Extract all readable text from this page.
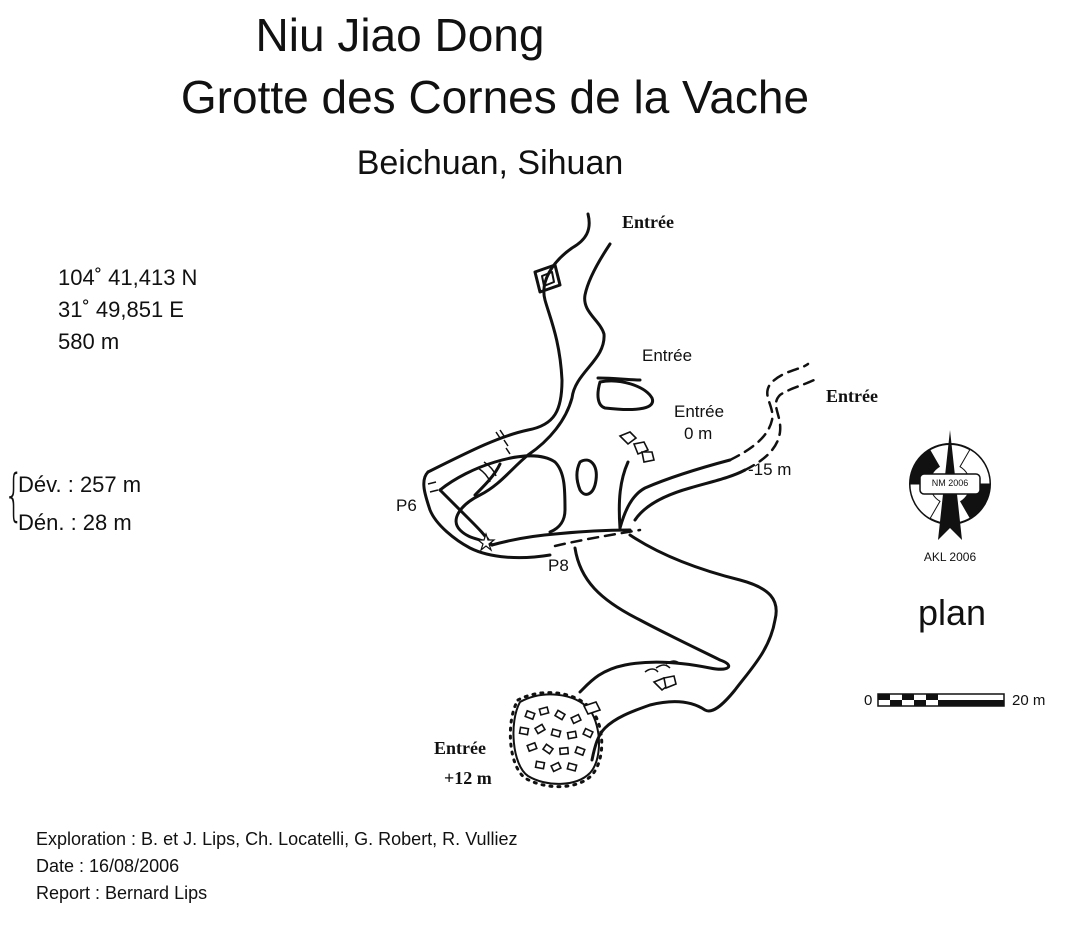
Niu Jiao Dong
Grotte des Cornes de la Vache
Beichuan, Sihuan
104˚ 41,413 N
31˚ 49,851 E
580 m
{
Dév. : 257 m
Dén. : 28 m
Entrée
Entrée
Entrée
0 m
Entrée
-15 m
P6
P8
Entrée
+12 m
NM 2006
AKL 2006
plan
0	20 m
Exploration : B. et J. Lips, Ch. Locatelli, G. Robert, R. Vulliez
Date : 16/08/2006
Report : Bernard Lips
